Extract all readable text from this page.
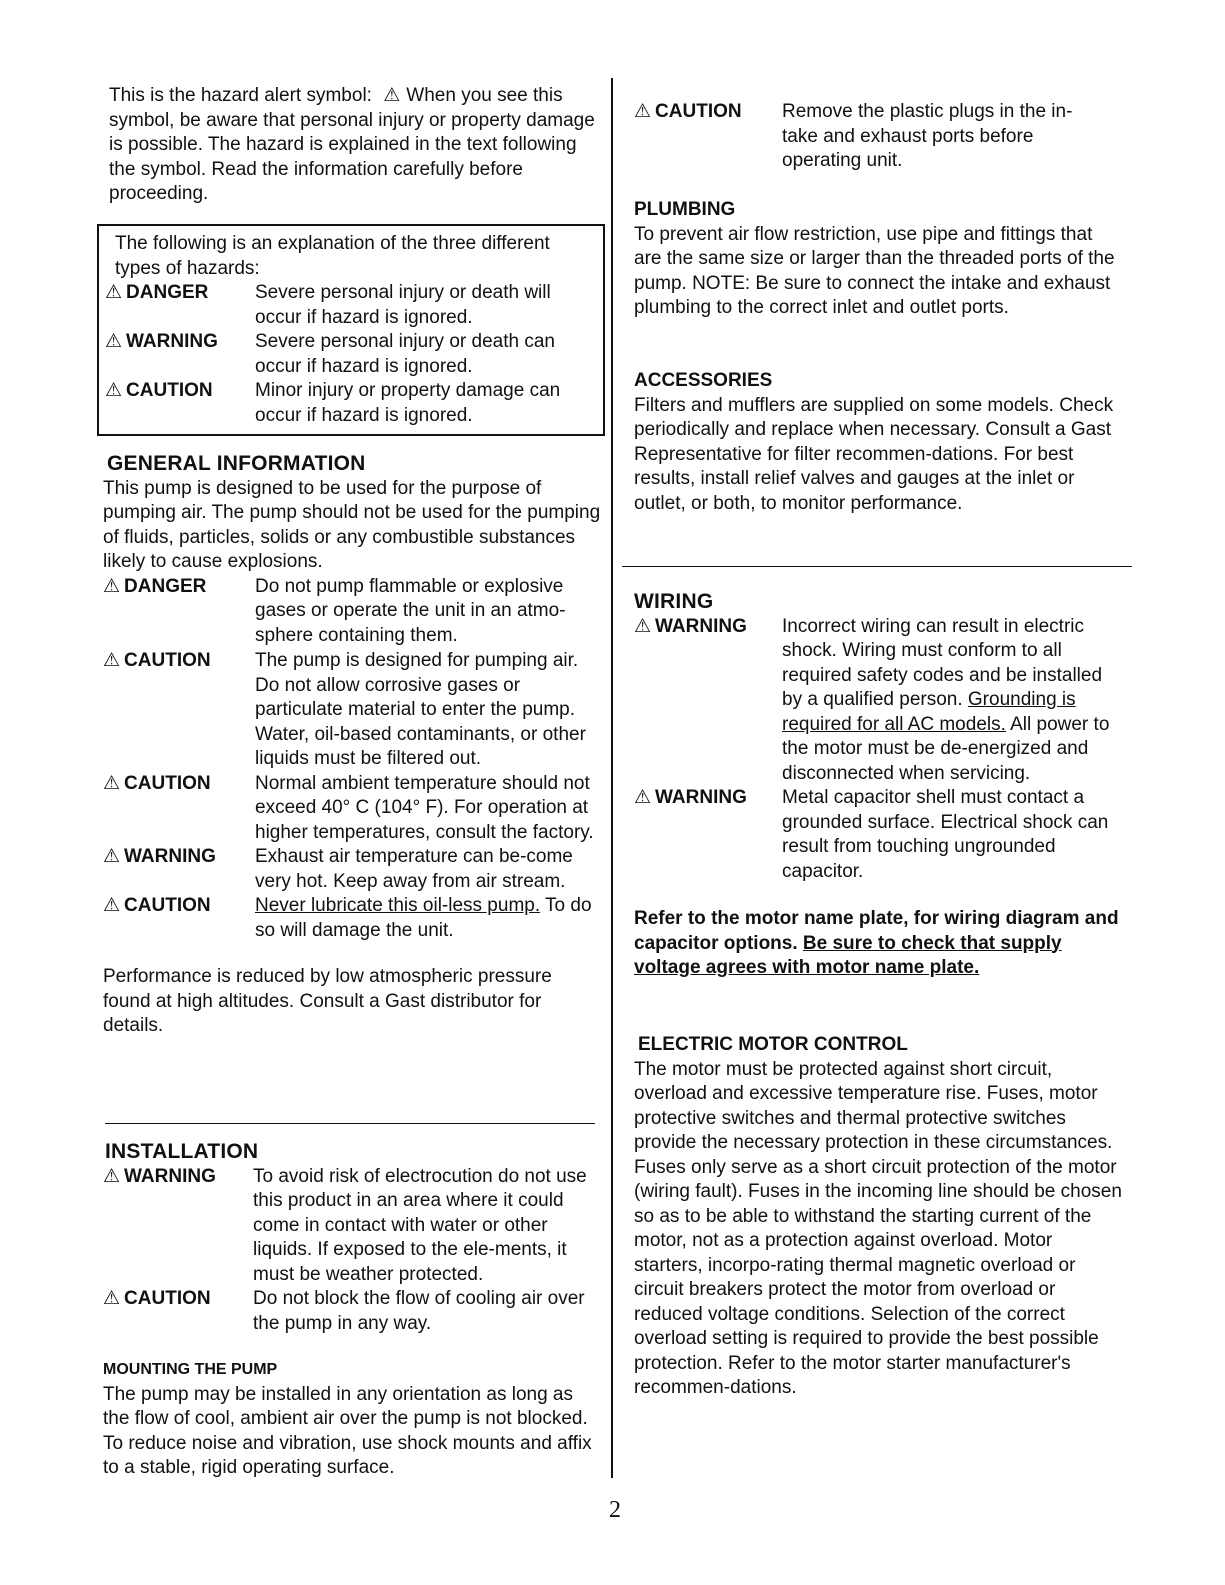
This is the hazard alert symbol: ⚠ When you see this symbol, be aware that personal injury or property damage is possible. The hazard is explained in the text following the symbol. Read the information carefully before proceeding.

The following is an explanation of the three different types of hazards:

⚠ DANGER	Severe personal injury or death will occur if hazard is ignored.
⚠ WARNING	Severe personal injury or death can occur if hazard is ignored.
⚠ CAUTION	Minor injury or property damage can occur if hazard is ignored.

GENERAL INFORMATION

This pump is designed to be used for the purpose of pumping air. The pump should not be used for the pumping of fluids, particles, solids or any combustible substances likely to cause explosions.

⚠ DANGER	Do not pump flammable or explosive gases or operate the unit in an atmo-sphere containing them.
⚠ CAUTION	The pump is designed for pumping air. Do not allow corrosive gases or particulate material to enter the pump. Water, oil-based contaminants, or other liquids must be filtered out.
⚠ CAUTION	Normal ambient temperature should not exceed 40° C (104° F). For operation at higher temperatures, consult the factory.
⚠ WARNING	Exhaust air temperature can be-come very hot. Keep away from air stream.
⚠ CAUTION	Never lubricate this oil-less pump. To do so will damage the unit.

Performance is reduced by low atmospheric pressure found at high altitudes. Consult a Gast distributor for details.

INSTALLATION

⚠ WARNING	To avoid risk of electrocution do not use this product in an area where it could come in contact with water or other liquids. If exposed to the ele-ments, it must be weather protected.
⚠ CAUTION	Do not block the flow of cooling air over the pump in any way.

MOUNTING THE PUMP

The pump may be installed in any orientation as long as the flow of cool, ambient air over the pump is not blocked. To reduce noise and vibration, use shock mounts and affix to a stable, rigid operating surface.

⚠ CAUTION	Remove the plastic plugs in the in-take and exhaust ports before operating unit.

PLUMBING

To prevent air flow restriction, use pipe and fittings that are the same size or larger than the threaded ports of the pump. NOTE: Be sure to connect the intake and exhaust plumbing to the correct inlet and outlet ports.

ACCESSORIES

Filters and mufflers are supplied on some models. Check periodically and replace when necessary. Consult a Gast Representative for filter recommen-dations. For best results, install relief valves and gauges at the inlet or outlet, or both, to monitor performance.

WIRING

⚠ WARNING	Incorrect wiring can result in electric shock. Wiring must conform to all required safety codes and be installed by a qualified person. Grounding is required for all AC models. All power to the motor must be de-energized and disconnected when servicing.
⚠ WARNING	Metal capacitor shell must contact a grounded surface. Electrical shock can result from touching ungrounded capacitor.

Refer to the motor name plate, for wiring diagram and capacitor options. Be sure to check that supply voltage agrees with motor name plate.

ELECTRIC MOTOR CONTROL

The motor must be protected against short circuit, overload and excessive temperature rise. Fuses, motor protective switches and thermal protective switches provide the necessary protection in these circumstances. Fuses only serve as a short circuit protection of the motor (wiring fault). Fuses in the incoming line should be chosen so as to be able to withstand the starting current of the motor, not as a protection against overload. Motor starters, incorpo-rating thermal magnetic overload or circuit breakers protect the motor from overload or reduced voltage conditions. Selection of the correct overload setting is required to provide the best possible protection. Refer to the motor starter manufacturer's recommen-dations.

2
